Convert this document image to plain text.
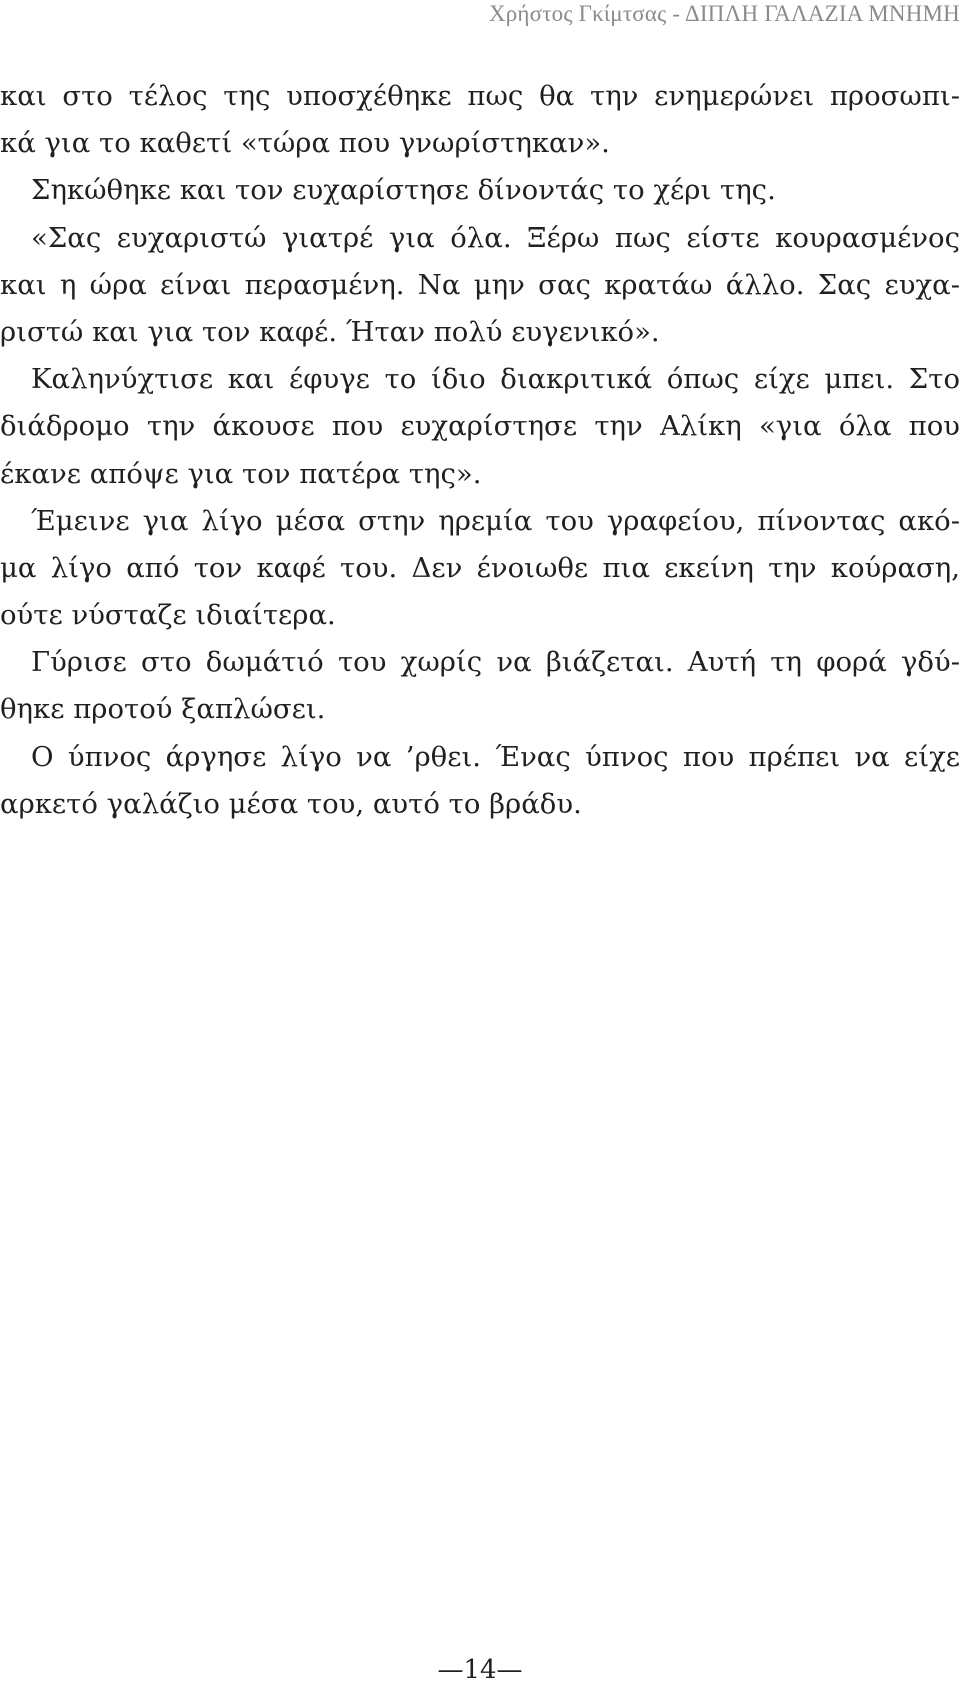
Χρήστος Γκίμτσας - ΔΙΠΛΗ ΓΑΛΑΖΙΑ ΜΝΗΜΗ
και στο τέλος της υποσχέθηκε πως θα την ενημερώνει προσωπι-
κά για το καθετί «τώρα που γνωρίστηκαν».
Σηκώθηκε και τον ευχαρίστησε δίνοντάς το χέρι της.
«Σας ευχαριστώ γιατρέ για όλα. Ξέρω πως είστε κουρασμένος
και η ώρα είναι περασμένη. Να μην σας κρατάω άλλο. Σας ευχα-
ριστώ και για τον καφέ. Ήταν πολύ ευγενικό».
Καληνύχτισε και έφυγε το ίδιο διακριτικά όπως είχε μπει. Στο
διάδρομο την άκουσε που ευχαρίστησε την Αλίκη «για όλα που
έκανε απόψε για τον πατέρα της».
Έμεινε για λίγο μέσα στην ηρεμία του γραφείου, πίνοντας ακό-
μα λίγο από τον καφέ του. Δεν ένοιωθε πια εκείνη την κούραση,
ούτε νύσταζε ιδιαίτερα.
Γύρισε στο δωμάτιό του χωρίς να βιάζεται. Αυτή τη φορά γδύ-
θηκε προτού ξαπλώσει.
Ο ύπνος άργησε λίγο να ’ρθει. Ένας ύπνος που πρέπει να είχε
αρκετό γαλάζιο μέσα του, αυτό το βράδυ.
—14—
